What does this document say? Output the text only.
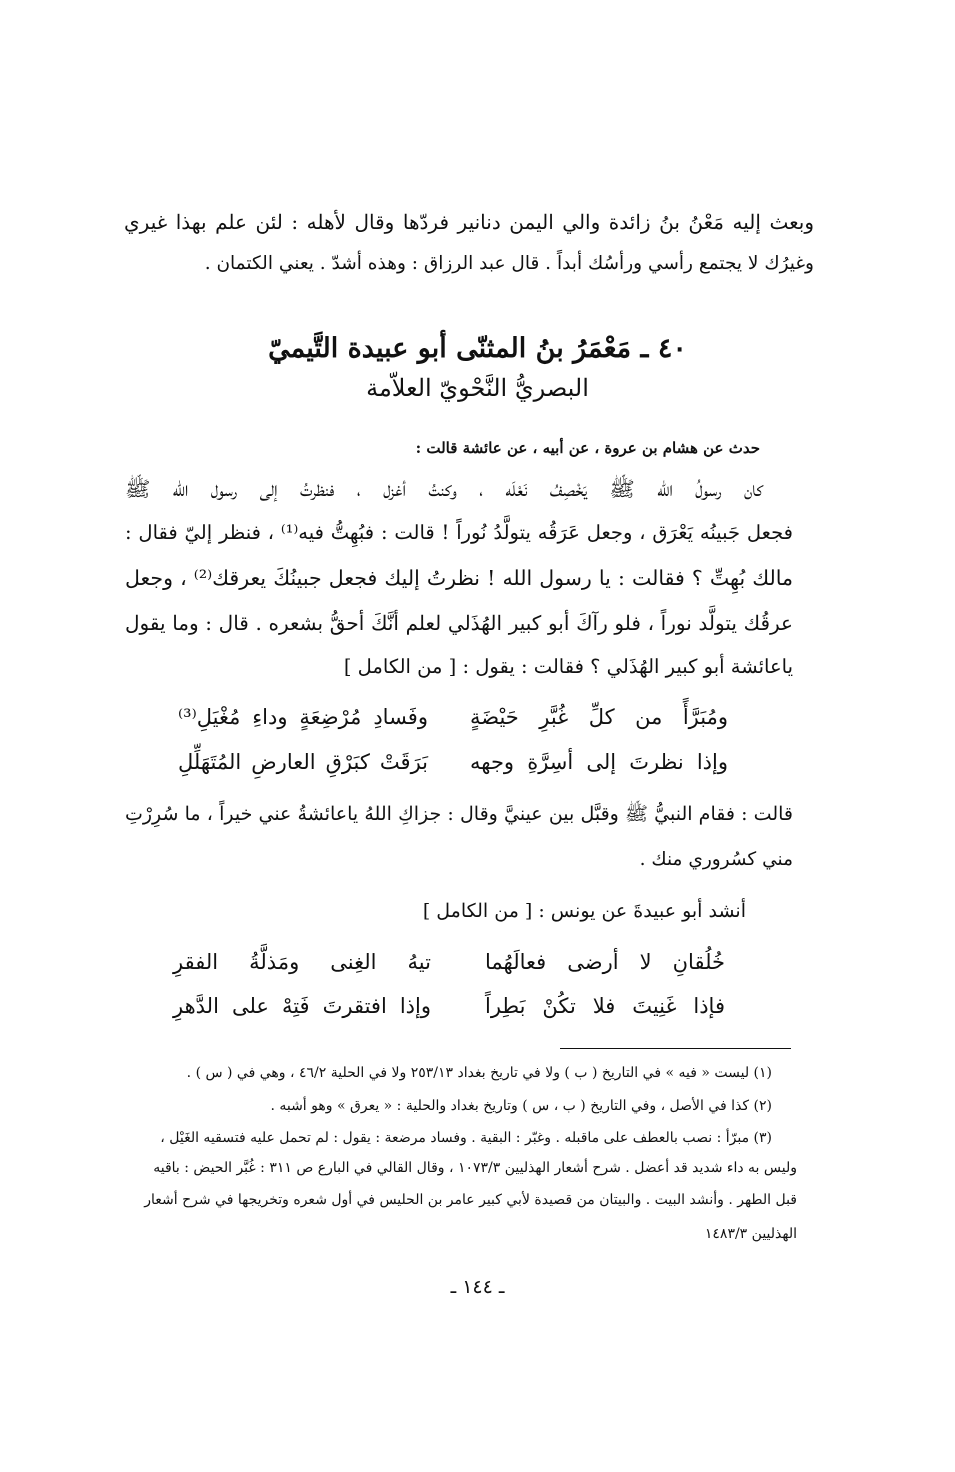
وبعث إليه مَعْنُ بنُ زائدة والي اليمن دنانير فردّها وقال لأهله : لئن علم بهذا غيري
وغيرُك لا يجتمع رأسي ورأسُك أبداً . قال عبد الرزاق : وهذه أشدّ . يعني الكتمان .
٤٠ ـ مَعْمَرُ بنُ المثنّى أبو عبيدة التَّيميّ
البصريُّ النَّحْويّ العلاّمة
حدث عن هشام بن عروة ، عن أبيه ، عن عائشة قالت :
كان رسولُ الله ﷺ يَخْصِفُ نَعْلَه ، وكنتُ أغزل ، فنظرتُ إلى رسول الله ﷺ
فجعل جَبينُه يَعْرَق ، وجعل عَرَقُه يتولَّدُ نُوراً ! قالت : فبُهِتُّ فيه⁽¹⁾ ، فنظر إليّ فقال :
مالك بُهِتِّ ؟ فقالت : يا رسول الله ! نظرتُ إليك فجعل جبينُكَ يعرقك⁽²⁾ ، وجعل
عرقُك يتولَّد نوراً ، فلو رآكَ أبو كبير الهُذَلي لعلم أنَّكَ أحقُّ بشعره . قال : وما يقول
ياعائشة أبو كبير الهُذَلي ؟ فقالت : يقول : [ من الكامل ]
ومُبَرَّأً من كلِّ غُبَّرِ حَيْضَةٍ
وفَسادِ مُرْضِعَةٍ وداءِ مُغْيَلِ⁽³⁾
وإذا نظرتَ إلى أسِرَّةِ وجهه
بَرَقَتْ كبَرْقِ العارضِ المُتَهَلِّلِ
قالت : فقام النبيُّ ﷺ وقبَّل بين عينيَّ وقال : جزاكِ اللهُ ياعائشةُ عني خيراً ، ما سُرِرْتِ
مني كسُروري منك .
أنشد أبو عبيدةَ عن يونس : [ من الكامل ]
خُلُقانِ لا أرضى فعالَهُما
تيهُ الغِنى ومَذلَّةُ الفقرِ
فإذا غَنِيتَ فلا تكُنْ بَطِراً
وإذا افتقرتَ فَتِهْ على الدَّهرِ
(١) ليست « فيه » في التاريخ ( ب ) ولا في تاريخ بغداد ٢٥٣/١٣ ولا في الحلية ٤٦/٢ ، وهي في ( س ) .
(٢) كذا في الأصل ، وفي التاريخ ( ب ، س ) وتاريخ بغداد والحلية : « يعرق » وهو أشبه .
(٣) مبرّأ : نصب بالعطف على ماقبله . وغبّر : البقية . وفساد مرضعة : يقول : لم تحمل عليه فتسقيه الغَيْل ،
وليس به داء شديد قد أعضل . شرح أشعار الهذليين ١٠٧٣/٣ ، وقال القالي في البارع ص ٣١١ : غُبَّر الحيض : باقيه
قبل الطهر . وأنشد البيت . والبيتان من قصيدة لأبي كبير عامر بن الحليس في أول شعره وتخريجها في شرح أشعار
الهذليين ١٤٨٣/٣
ـ ١٤٤ ـ
